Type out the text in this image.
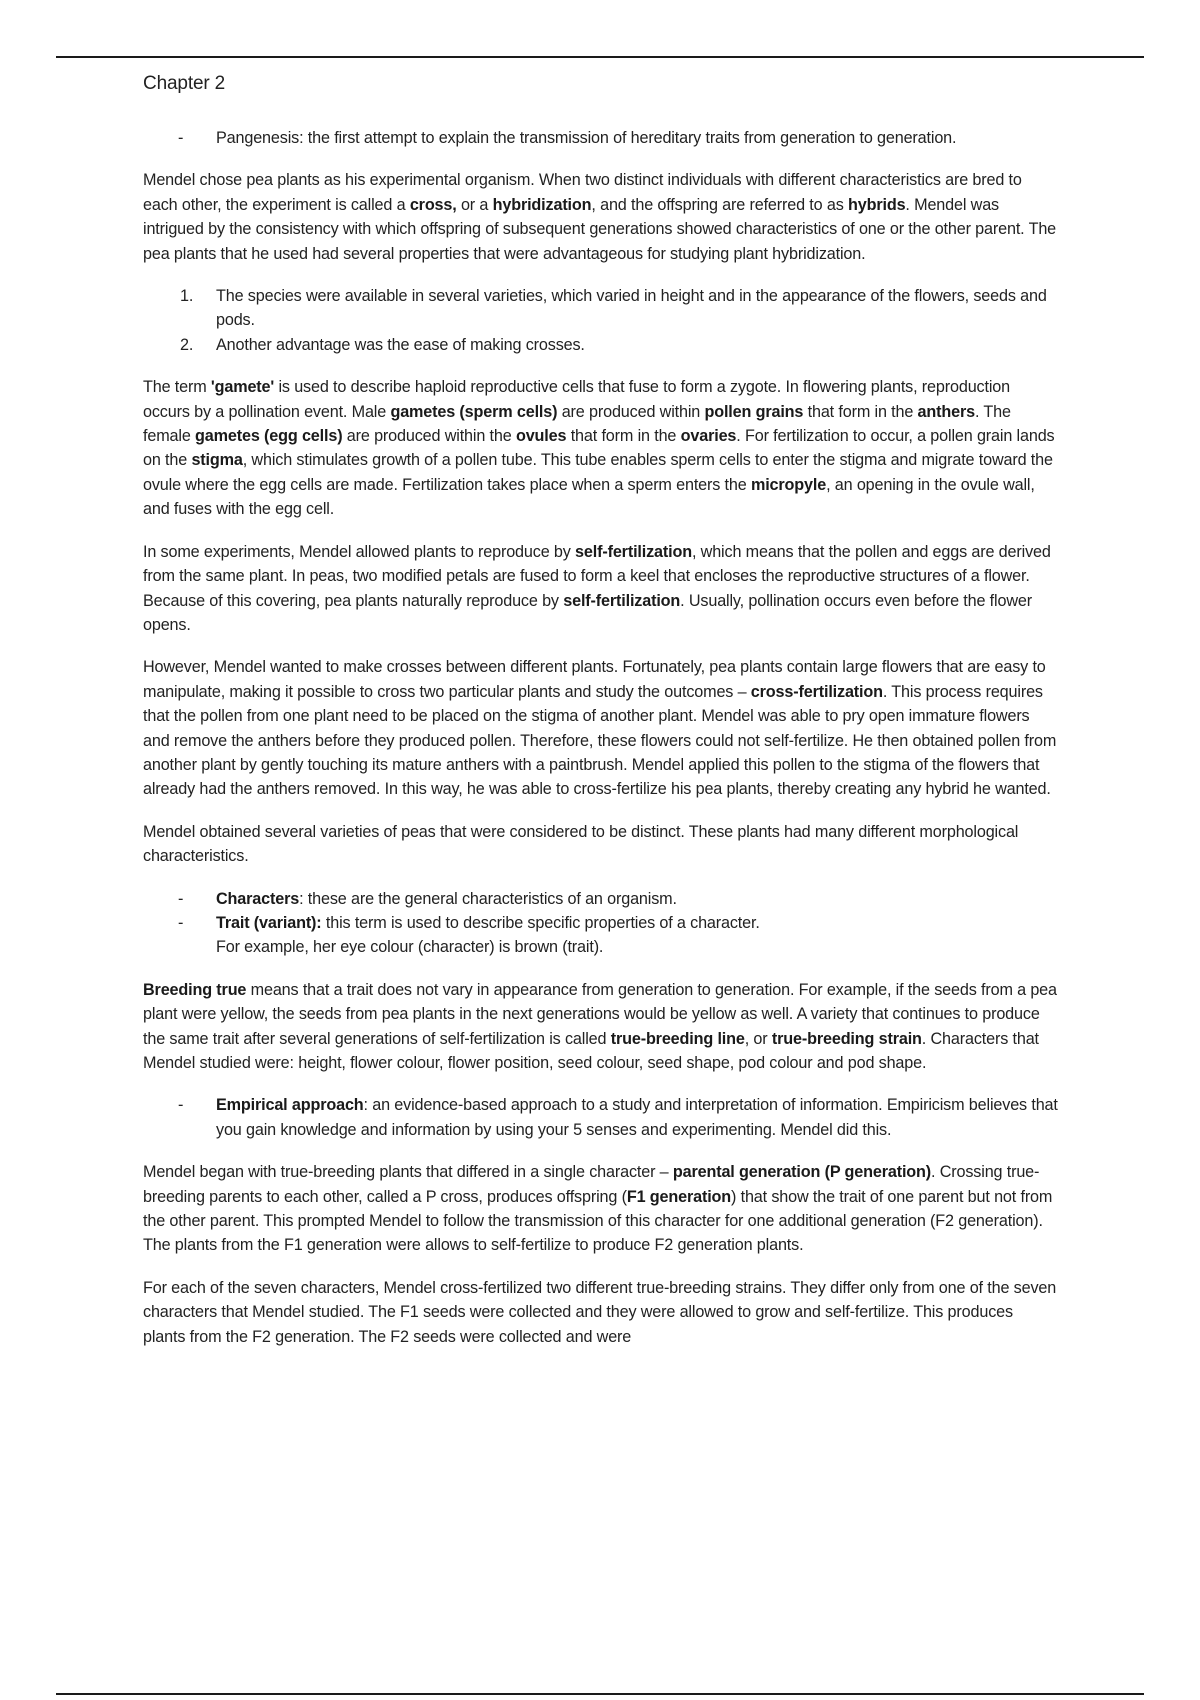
Chapter 2
- Pangenesis: the first attempt to explain the transmission of hereditary traits from generation to generation.

Mendel chose pea plants as his experimental organism. When two distinct individuals with different characteristics are bred to each other, the experiment is called a cross, or a hybridization, and the offspring are referred to as hybrids. Mendel was intrigued by the consistency with which offspring of subsequent generations showed characteristics of one or the other parent. The pea plants that he used had several properties that were advantageous for studying plant hybridization.

1. The species were available in several varieties, which varied in height and in the appearance of the flowers, seeds and pods.
2. Another advantage was the ease of making crosses.

The term 'gamete' is used to describe haploid reproductive cells that fuse to form a zygote. In flowering plants, reproduction occurs by a pollination event. Male gametes (sperm cells) are produced within pollen grains that form in the anthers. The female gametes (egg cells) are produced within the ovules that form in the ovaries. For fertilization to occur, a pollen grain lands on the stigma, which stimulates growth of a pollen tube. This tube enables sperm cells to enter the stigma and migrate toward the ovule where the egg cells are made. Fertilization takes place when a sperm enters the micropyle, an opening in the ovule wall, and fuses with the egg cell.

In some experiments, Mendel allowed plants to reproduce by self-fertilization, which means that the pollen and eggs are derived from the same plant. In peas, two modified petals are fused to form a keel that encloses the reproductive structures of a flower. Because of this covering, pea plants naturally reproduce by self-fertilization. Usually, pollination occurs even before the flower opens.

However, Mendel wanted to make crosses between different plants. Fortunately, pea plants contain large flowers that are easy to manipulate, making it possible to cross two particular plants and study the outcomes – cross-fertilization. This process requires that the pollen from one plant need to be placed on the stigma of another plant. Mendel was able to pry open immature flowers and remove the anthers before they produced pollen. Therefore, these flowers could not self-fertilize. He then obtained pollen from another plant by gently touching its mature anthers with a paintbrush. Mendel applied this pollen to the stigma of the flowers that already had the anthers removed. In this way, he was able to cross-fertilize his pea plants, thereby creating any hybrid he wanted.

Mendel obtained several varieties of peas that were considered to be distinct. These plants had many different morphological characteristics.

- Characters: these are the general characteristics of an organism.
- Trait (variant): this term is used to describe specific properties of a character.
For example, her eye colour (character) is brown (trait).

Breeding true means that a trait does not vary in appearance from generation to generation. For example, if the seeds from a pea plant were yellow, the seeds from pea plants in the next generations would be yellow as well. A variety that continues to produce the same trait after several generations of self-fertilization is called true-breeding line, or true-breeding strain. Characters that Mendel studied were: height, flower colour, flower position, seed colour, seed shape, pod colour and pod shape.

- Empirical approach: an evidence-based approach to a study and interpretation of information. Empiricism believes that you gain knowledge and information by using your 5 senses and experimenting. Mendel did this.

Mendel began with true-breeding plants that differed in a single character – parental generation (P generation). Crossing true-breeding parents to each other, called a P cross, produces offspring (F1 generation) that show the trait of one parent but not from the other parent. This prompted Mendel to follow the transmission of this character for one additional generation (F2 generation). The plants from the F1 generation were allows to self-fertilize to produce F2 generation plants.

For each of the seven characters, Mendel cross-fertilized two different true-breeding strains. They differ only from one of the seven characters that Mendel studied. The F1 seeds were collected and they were allowed to grow and self-fertilize. This produces plants from the F2 generation. The F2 seeds were collected and were
